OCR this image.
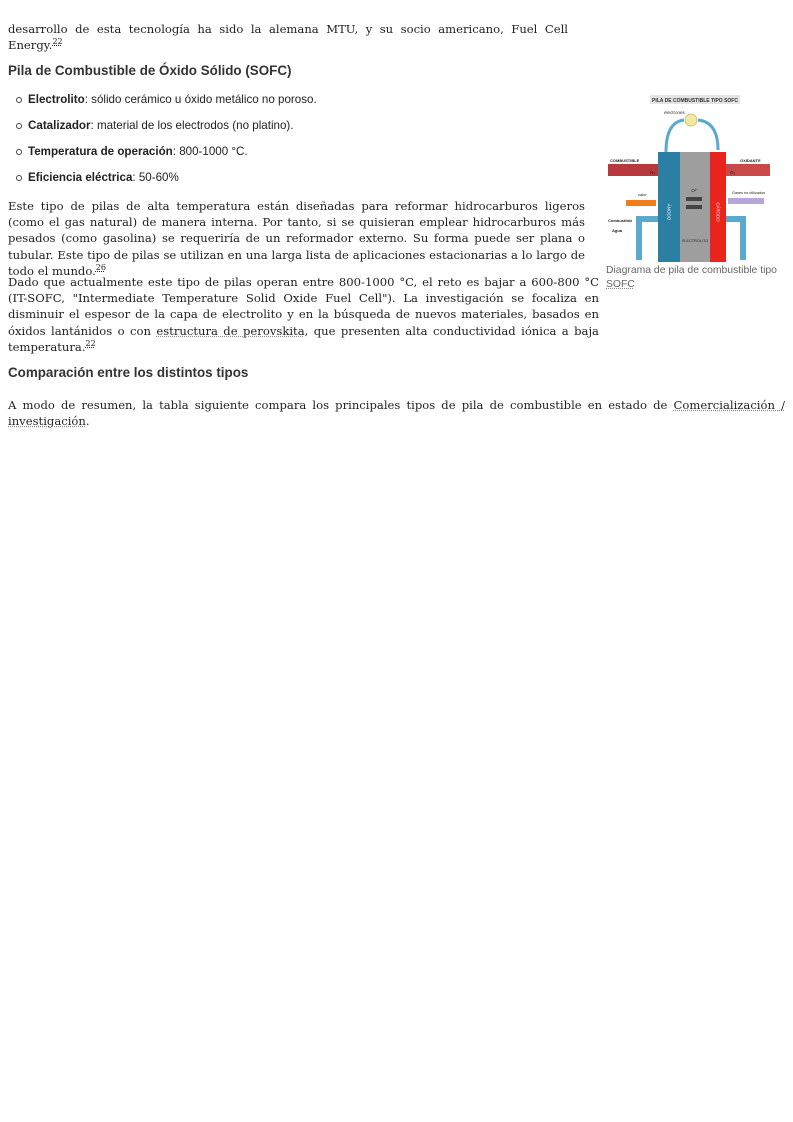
desarrollo de esta tecnología ha sido la alemana MTU, y su socio americano, Fuel Cell Energy.$^{22}$
Pila de Combustible de Óxido Sólido (SOFC)
Electrolito: sólido cerámico u óxido metálico no poroso.
Catalizador: material de los electrodos (no platino).
Temperatura de operación: 800-1000 °C.
Eficiencia eléctrica: 50-60%
Este tipo de pilas de alta temperatura están diseñadas para reformar hidrocarburos ligeros (como el gas natural) de manera interna. Por tanto, si se quisieran emplear hidrocarburos más pesados (como gasolina) se requeriría de un reformador externo. Su forma puede ser plana o tubular. Este tipo de pilas se utilizan en una larga lista de aplicaciones estacionarias a lo largo de todo el mundo.$^{26}$
Dado que actualmente este tipo de pilas operan entre 800-1000 °C, el reto es bajar a 600-800 °C (IT-SOFC, "Intermediate Temperature Solid Oxide Fuel Cell"). La investigación se focaliza en disminuir el espesor de la capa de electrolito y en la búsqueda de nuevos materiales, basados en óxidos lantánidos o con estructura de perovskita, que presenten alta conductividad iónica a baja temperatura.$^{22}$
PILA DE COMBUSTIBLE TIPO SOFC
electrones
ÁNODO	CÁTODO
ELECTROLITO
O²⁻
COMBUSTIBLE
H₂
OXIDANTE
O₂
calor	Gases no utilizados
Combustible
Agua
Diagrama de pila de combustible tipo SOFC
Comparación entre los distintos tipos
A modo de resumen, la tabla siguiente compara los principales tipos de pila de combustible en estado de Comercialización / investigación.
